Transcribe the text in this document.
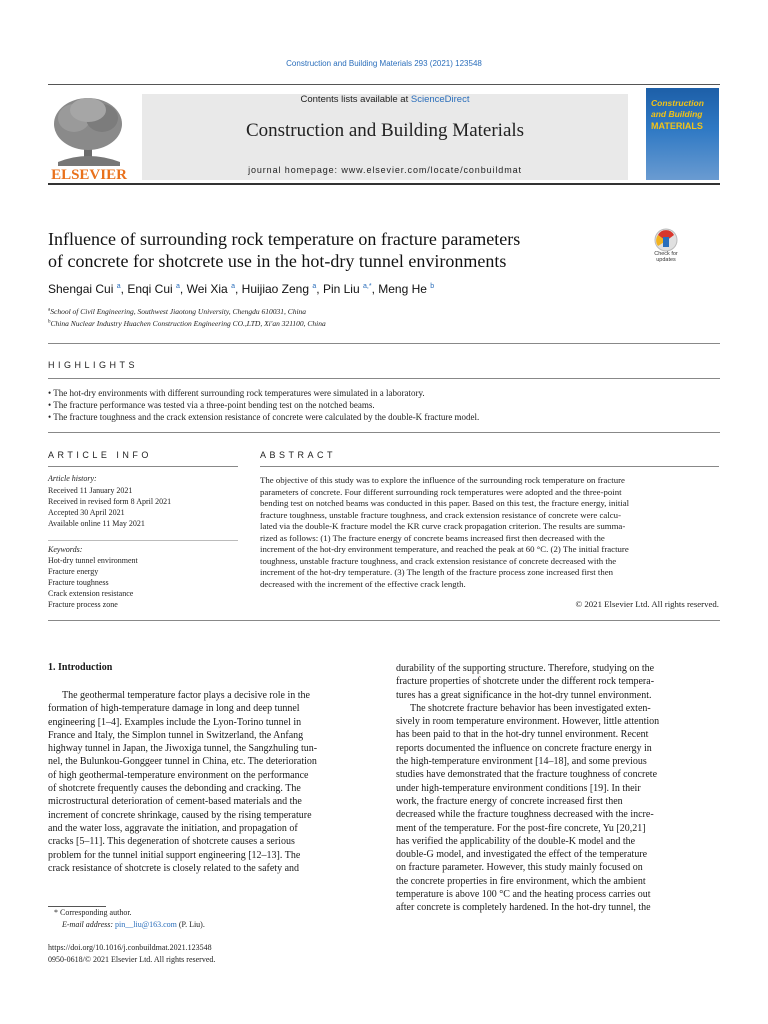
Construction and Building Materials 293 (2021) 123548
ELSEVIER
Contents lists available at ScienceDirect
Construction and Building Materials
journal homepage: www.elsevier.com/locate/conbuildmat
Construction
and Building
MATERIALS
Influence of surrounding rock temperature on fracture parameters
of concrete for shotcrete use in the hot-dry tunnel environments	Check for updates
Shengai Cui $^a$, Enqi Cui $^a$, Wei Xia $^a$, Huijiao Zeng $^a$, Pin Liu $^{a,*}$, Meng He $^b$
$^a$School of Civil Engineering, Southwest Jiaotong University, Chengdu 610031, China
$^b$China Nuclear Industry Huachen Construction Engineering CO.,LTD, Xi'an 321100, China
HIGHLIGHTS
• The hot-dry environments with different surrounding rock temperatures were simulated in a laboratory.
• The fracture performance was tested via a three-point bending test on the notched beams.
• The fracture toughness and the crack extension resistance of concrete were calculated by the double-K fracture model.
ARTICLE INFO	ABSTRACT
Article history:
Received 11 January 2021
Received in revised form 8 April 2021
Accepted 30 April 2021
Available online 11 May 2021
Keywords:
Hot-dry tunnel environment
Fracture energy
Fracture toughness
Crack extension resistance
Fracture process zone
The objective of this study was to explore the influence of the surrounding rock temperature on fracture
parameters of concrete. Four different surrounding rock temperatures were adopted and the three-point
bending test on notched beams was conducted in this paper. Based on this test, the fracture energy, initial
fracture toughness, unstable fracture toughness, and crack extension resistance of concrete were calcu-
lated via the double-K fracture model the KR curve crack propagation criterion. The results are summa-
rized as follows: (1) The fracture energy of concrete beams increased first then decreased with the
increment of the hot-dry environment temperature, and reached the peak at 60 °C. (2) The initial fracture
toughness, unstable fracture toughness, and crack extension resistance of concrete decreased with the
increment of the hot-dry temperature. (3) The length of the fracture process zone increased first then
decreased with the increment of the effective crack length.
© 2021 Elsevier Ltd. All rights reserved.
1. Introduction
The geothermal temperature factor plays a decisive role in the
formation of high-temperature damage in long and deep tunnel
engineering [1–4]. Examples include the Lyon-Torino tunnel in
France and Italy, the Simplon tunnel in Switzerland, the Anfang
highway tunnel in Japan, the Jiwoxiga tunnel, the Sangzhuling tun-
nel, the Bulunkou-Gonggeer tunnel in China, etc. The deterioration
of high geothermal-temperature environment on the performance
of shotcrete frequently causes the debonding and cracking. The
microstructural deterioration of cement-based materials and the
increment of concrete shrinkage, caused by the rising temperature
and the water loss, aggravate the initiation, and propagation of
cracks [5–11]. This degeneration of shotcrete causes a serious
problem for the tunnel initial support engineering [12–13]. The
crack resistance of shotcrete is closely related to the safety and
durability of the supporting structure. Therefore, studying on the
fracture properties of shotcrete under the different rock tempera-
tures has a great significance in the hot-dry tunnel environment.
The shotcrete fracture behavior has been investigated exten-
sively in room temperature environment. However, little attention
has been paid to that in the hot-dry tunnel environment. Recent
reports documented the influence on concrete fracture energy in
the high-temperature environment [14–18], and some previous
studies have demonstrated that the fracture toughness of concrete
under high-temperature environment conditions [19]. In their
work, the fracture energy of concrete increased first then
decreased while the fracture toughness decreased with the incre-
ment of the temperature. For the post-fire concrete, Yu [20,21]
has verified the applicability of the double-K model and the
double-G model, and investigated the effect of the temperature
on fracture parameter. However, this study mainly focused on
the concrete properties in fire environment, which the ambient
temperature is above 100 °C and the heating process carries out
after concrete is completely hardened. In the hot-dry tunnel, the
* Corresponding author.
E-mail address: pin__liu@163.com (P. Liu).
https://doi.org/10.1016/j.conbuildmat.2021.123548
0950-0618/© 2021 Elsevier Ltd. All rights reserved.
